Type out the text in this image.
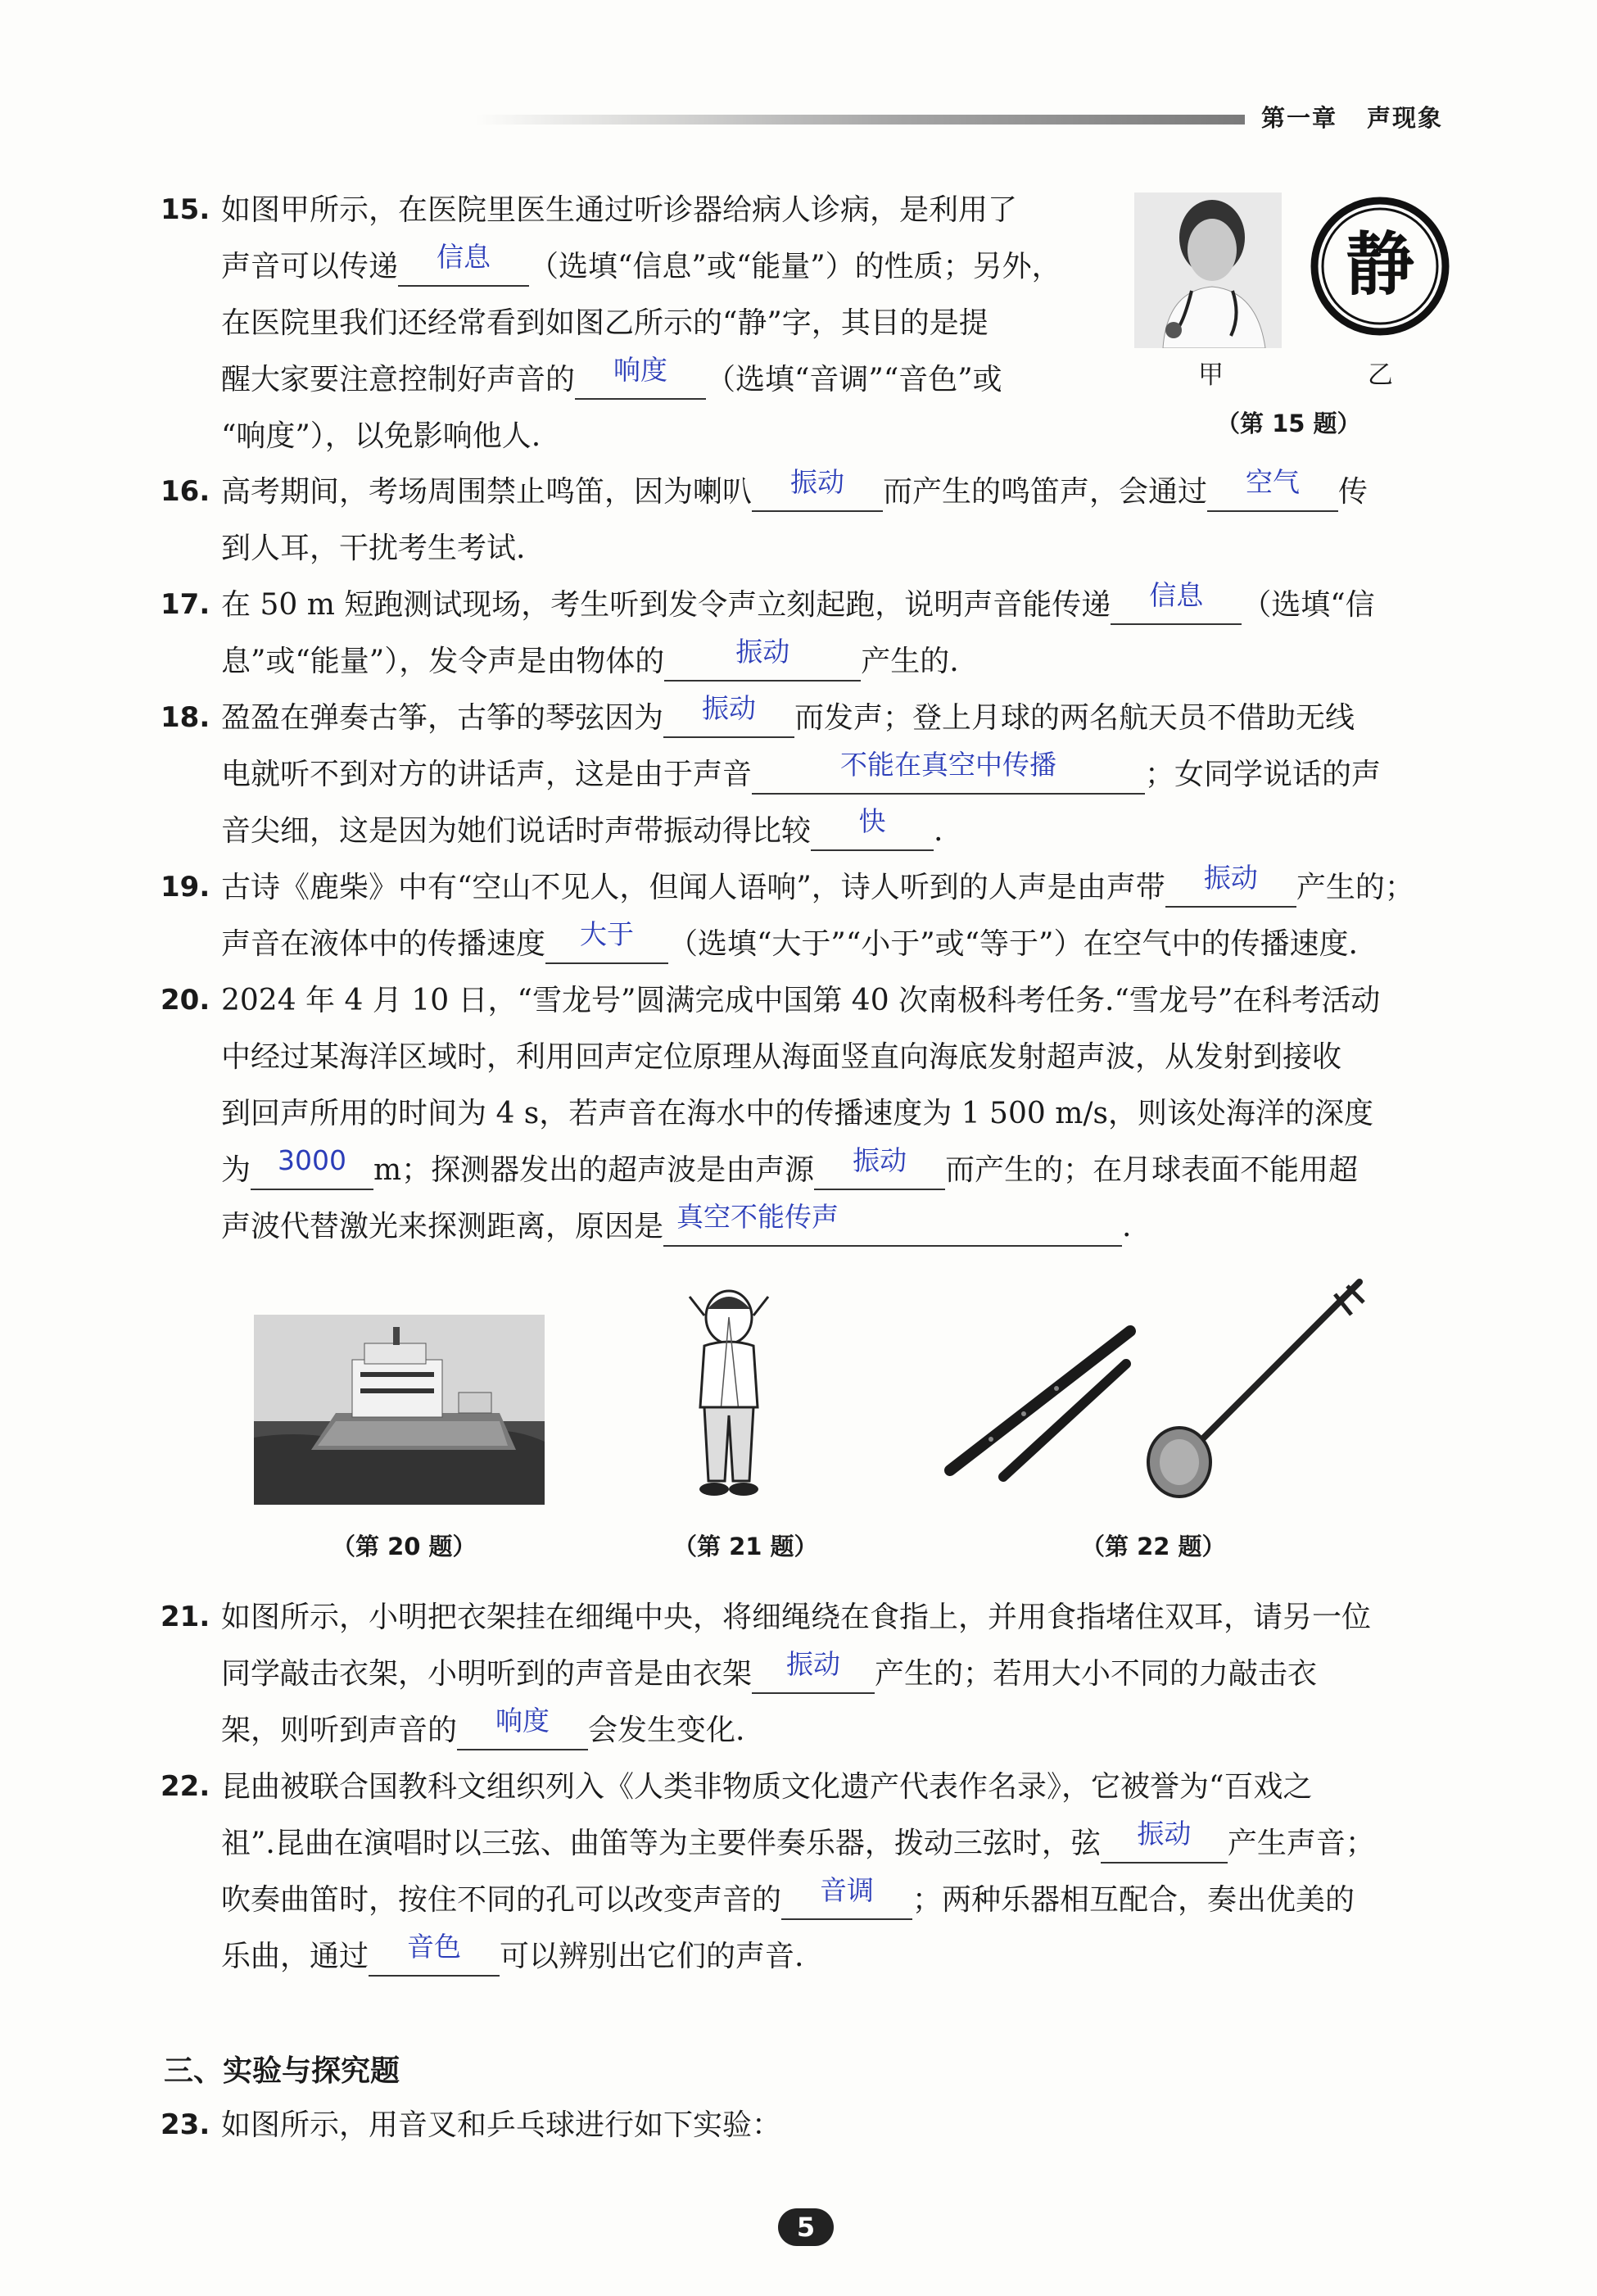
第一章 声现象
15. 如图甲所示，在医院里医生通过听诊器给病人诊病，是利用了
声音可以传递 信息 （选填“信息”或“能量”）的性质；另外，
在医院里我们还经常看到如图乙所示的“静”字，其目的是提
醒大家要注意控制好声音的 响度 （选填“音调”“音色”或
“响度”），以免影响他人.
静
甲	乙
（第 15 题）
16. 高考期间，考场周围禁止鸣笛，因为喇叭 振动 而产生的鸣笛声，会通过 空气 传
到人耳，干扰考生考试.
17. 在 50 m 短跑测试现场，考生听到发令声立刻起跑，说明声音能传递 信息 （选填“信
息”或“能量”），发令声是由物体的	振动 产生的.
18. 盈盈在弹奏古筝，古筝的琴弦因为 振动 而发声；登上月球的两名航天员不借助无线
电就听不到对方的讲话声，这是由于声音	不能在真空中传播	；女同学说话的声
音尖细，这是因为她们说话时声带振动得比较 快 .
19. 古诗《鹿柴》中有“空山不见人，但闻人语响”，诗人听到的人声是由声带 振动 产生的；
声音在液体中的传播速度 大于 （选填“大于”“小于”或“等于”）在空气中的传播速度.
20. 2024 年 4 月 10 日，“雪龙号”圆满完成中国第 40 次南极科考任务.“雪龙号”在科考活动
中经过某海洋区域时，利用回声定位原理从海面竖直向海底发射超声波，从发射到接收
到回声所用的时间为 4 s，若声音在海水中的传播速度为 1 500 m/s，则该处海洋的深度
为 3000 m；探测器发出的超声波是由声源 振动 而产生的；在月球表面不能用超
声波代替激光来探测距离，原因是 真空不能传声	.
（第 20 题）	（第 21 题）	（第 22 题）
21. 如图所示，小明把衣架挂在细绳中央，将细绳绕在食指上，并用食指堵住双耳，请另一位
同学敲击衣架，小明听到的声音是由衣架 振动 产生的；若用大小不同的力敲击衣
架，则听到声音的 响度 会发生变化.
22. 昆曲被联合国教科文组织列入《人类非物质文化遗产代表作名录》，它被誉为“百戏之
祖”.昆曲在演唱时以三弦、曲笛等为主要伴奏乐器，拨动三弦时，弦 振动 产生声音；
吹奏曲笛时，按住不同的孔可以改变声音的 音调 ；两种乐器相互配合，奏出优美的
乐曲，通过 音色 可以辨别出它们的声音.
三、实验与探究题
23. 如图所示，用音叉和乒乓球进行如下实验：
5
